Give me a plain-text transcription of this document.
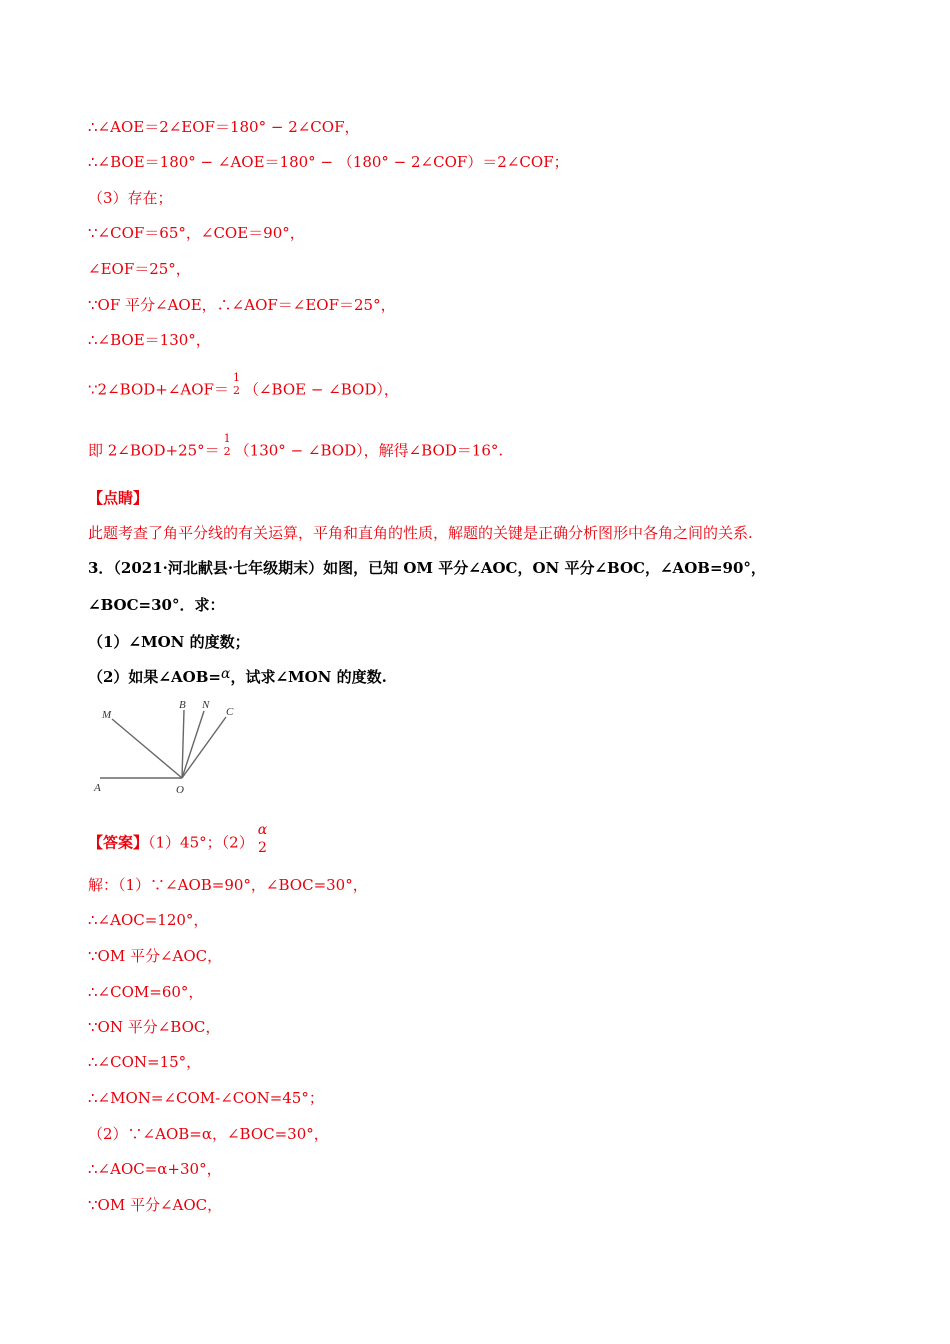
∴∠AOE＝2∠EOF＝180° − 2∠COF，
∴∠BOE＝180° − ∠AOE＝180° − （180° − 2∠COF）＝2∠COF；
（3）存在；
∵∠COF＝65°，∠COE＝90°，
∠EOF＝25°，
∵OF 平分∠AOE，∴∠AOF＝∠EOF＝25°，
∴∠BOE＝130°，
∵2∠BOD+∠AOF＝
1
2 （∠BOE − ∠BOD），
即 2∠BOD+25°＝
1
2 （130° − ∠BOD），解得∠BOD＝16°.
【点睛】
此题考查了角平分线的有关运算，平角和直角的性质，解题的关键是正确分析图形中各角之间的关系.
3．（2021·河北献县·七年级期末）如图，已知 OM 平分∠AOC，ON 平分∠BOC，∠AOB=90°，
∠BOC=30°．求：
（1）∠MON 的度数；
（2）如果∠AOB=α，试求∠MON 的度数.
M
B N
C
A	O
【答案】（1）45°；（2）
α
2
解：（1）∵∠AOB=90°，∠BOC=30°，
∴∠AOC=120°，
∵OM 平分∠AOC，
∴∠COM=60°，
∵ON 平分∠BOC，
∴∠CON=15°，
∴∠MON=∠COM-∠CON=45°；
（2）∵∠AOB=α，∠BOC=30°，
∴∠AOC=α+30°，
∵OM 平分∠AOC，
